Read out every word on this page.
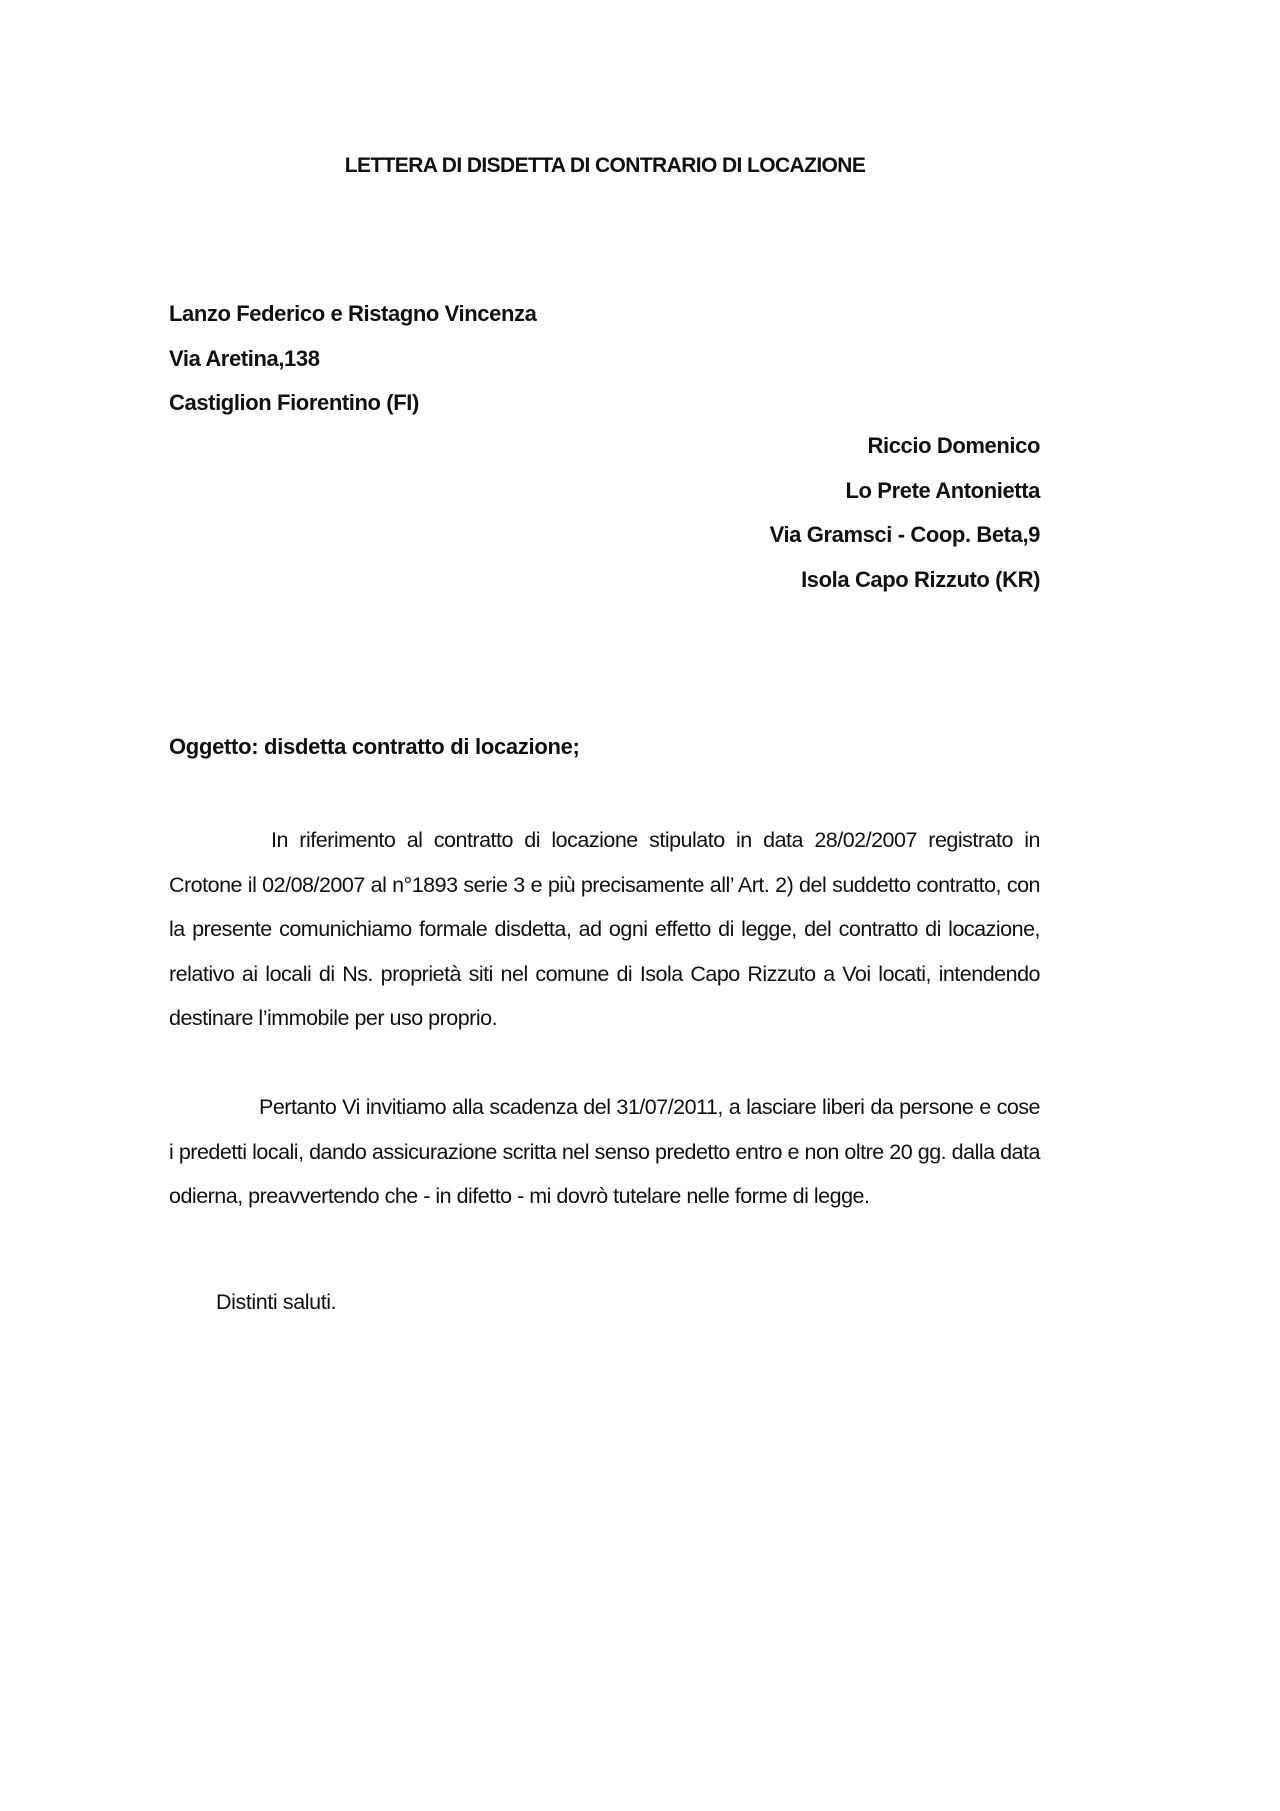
LETTERA DI DISDETTA DI CONTRARIO DI LOCAZIONE
Lanzo Federico e Ristagno Vincenza
Via Aretina,138
Castiglion Fiorentino (FI)
Riccio Domenico
Lo Prete Antonietta
Via Gramsci - Coop. Beta,9
Isola Capo Rizzuto (KR)
Oggetto: disdetta contratto di locazione;
In riferimento al contratto di locazione stipulato in data 28/02/2007 registrato in Crotone il 02/08/2007 al n°1893 serie 3 e più precisamente all’ Art. 2) del suddetto contratto, con la presente comunichiamo formale disdetta, ad ogni effetto di legge, del contratto di locazione, relativo ai locali di Ns. proprietà siti nel comune di Isola Capo Rizzuto a Voi locati, intendendo destinare l’immobile per uso proprio.
Pertanto Vi invitiamo alla scadenza del 31/07/2011, a lasciare liberi da persone e cose i predetti locali, dando assicurazione scritta nel senso predetto entro e non oltre 20 gg. dalla data odierna, preavvertendo che - in difetto - mi dovrò tutelare nelle forme di legge.
Distinti saluti.
